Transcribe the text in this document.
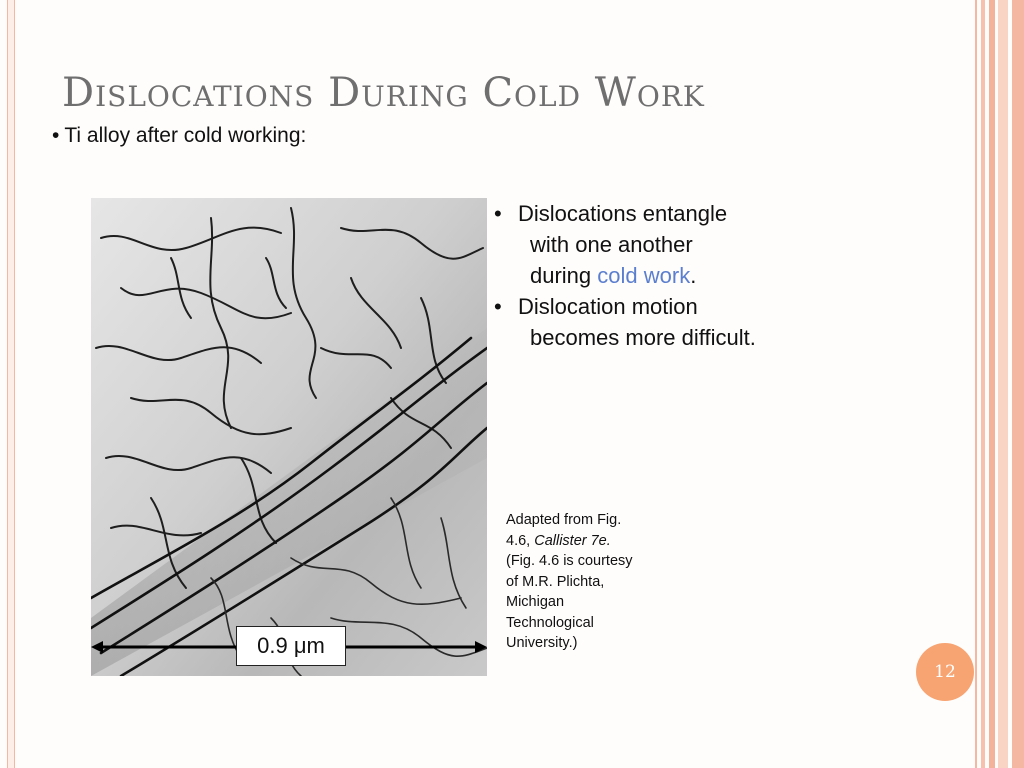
Dislocations During Cold Work

• Ti alloy after cold working:

0.9 μm
• Dislocations entangle
with one another
during cold work.
• Dislocation motion
becomes more difficult.
Adapted from Fig.
4.6, Callister 7e.
(Fig. 4.6 is courtesy
of M.R. Plichta,
Michigan
Technological
University.)
12
